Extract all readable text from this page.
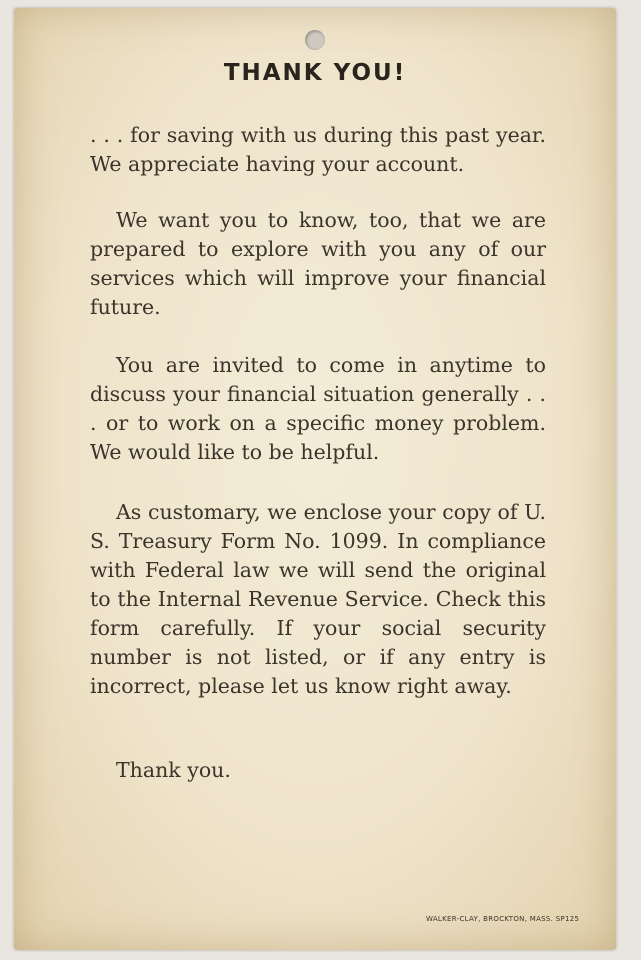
THANK YOU!

. . . for saving with us during this past year. We appreciate having your account.

We want you to know, too, that we are prepared to explore with you any of our services which will improve your financial future.

You are invited to come in anytime to discuss your financial situation generally . . . or to work on a specific money problem. We would like to be helpful.

As customary, we enclose your copy of U. S. Treasury Form No. 1099. In compliance with Federal law we will send the original to the Internal Revenue Service. Check this form carefully. If your social security number is not listed, or if any entry is incorrect, please let us know right away.

Thank you.
WALKER-CLAY, BROCKTON, MASS. SP125
